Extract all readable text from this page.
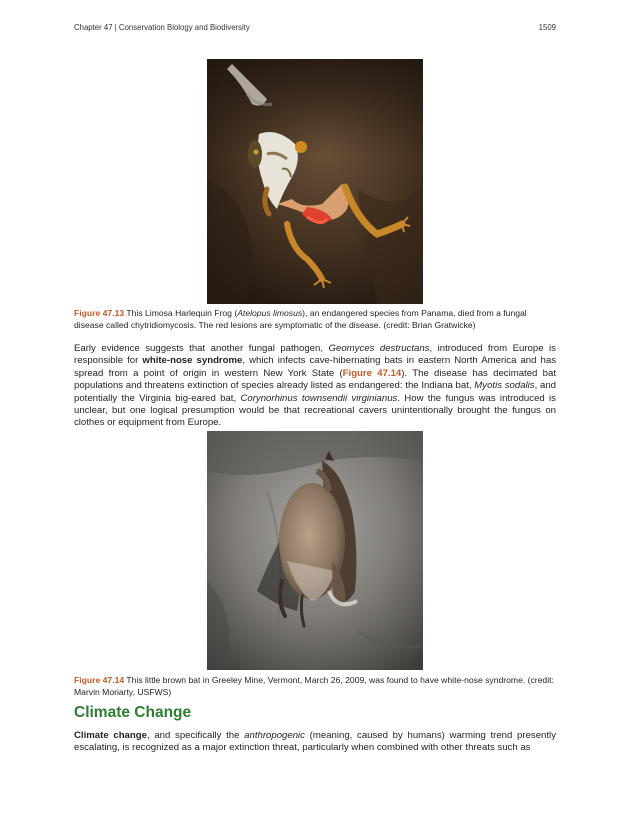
Chapter 47 | Conservation Biology and Biodiversity	1509
Figure 47.13 This Limosa Harlequin Frog (Atelopus limosus), an endangered species from Panama, died from a fungal disease called chytridiomycosis. The red lesions are symptomatic of the disease. (credit: Brian Gratwicke)
Early evidence suggests that another fungal pathogen, Geomyces destructans, introduced from Europe is responsible for white-nose syndrome, which infects cave-hibernating bats in eastern North America and has spread from a point of origin in western New York State (Figure 47.14). The disease has decimated bat populations and threatens extinction of species already listed as endangered: the Indiana bat, Myotis sodalis, and potentially the Virginia big-eared bat, Corynorhinus townsendii virginianus. How the fungus was introduced is unclear, but one logical presumption would be that recreational cavers unintentionally brought the fungus on clothes or equipment from Europe.
Figure 47.14 This little brown bat in Greeley Mine, Vermont, March 26, 2009, was found to have white-nose syndrome. (credit: Marvin Moriarty, USFWS)
Climate Change
Climate change, and specifically the anthropogenic (meaning, caused by humans) warming trend presently escalating, is recognized as a major extinction threat, particularly when combined with other threats such as
